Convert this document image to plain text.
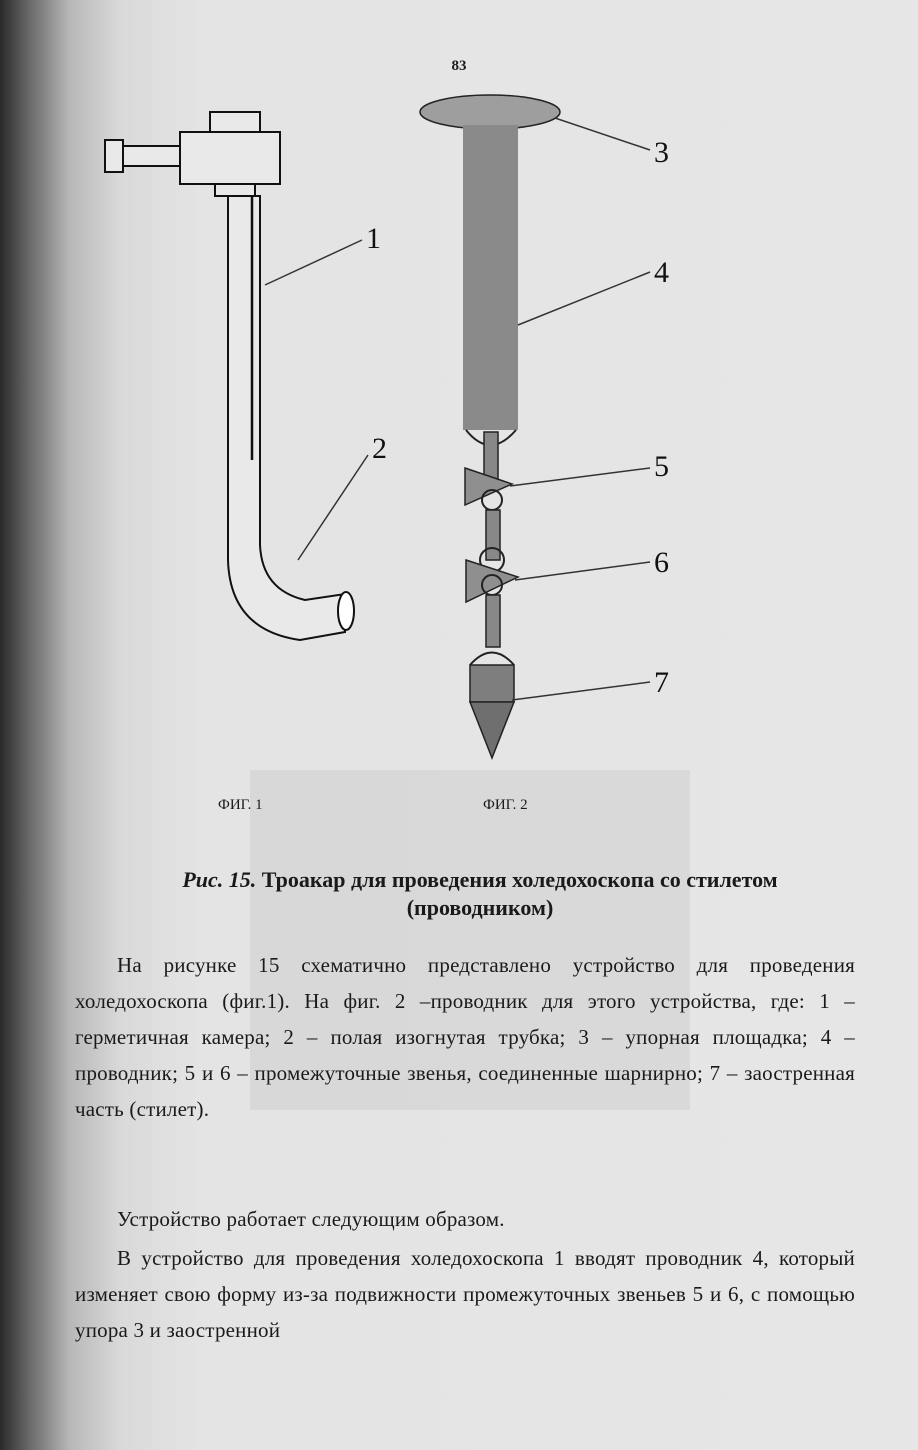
83
1
2
3
4
5
6
7
ФИГ. 1	ФИГ. 2
Рис. 15. Троакар для проведения холедохоскопа со стилетом (проводником)
На рисунке 15 схематично представлено устройство для проведения холедохоскопа (фиг.1). На фиг. 2 –проводник для этого устройства, где: 1 – герметичная камера; 2 – полая изогнутая трубка; 3 – упорная площадка; 4 – проводник; 5 и 6 – промежуточные звенья, соединенные шарнирно; 7 – заостренная часть (стилет).
Устройство работает следующим образом.
В устройство для проведения холедохоскопа 1 вводят проводник 4, который изменяет свою форму из-за подвижности промежуточных звеньев 5 и 6, с помощью упора 3 и заостренной
